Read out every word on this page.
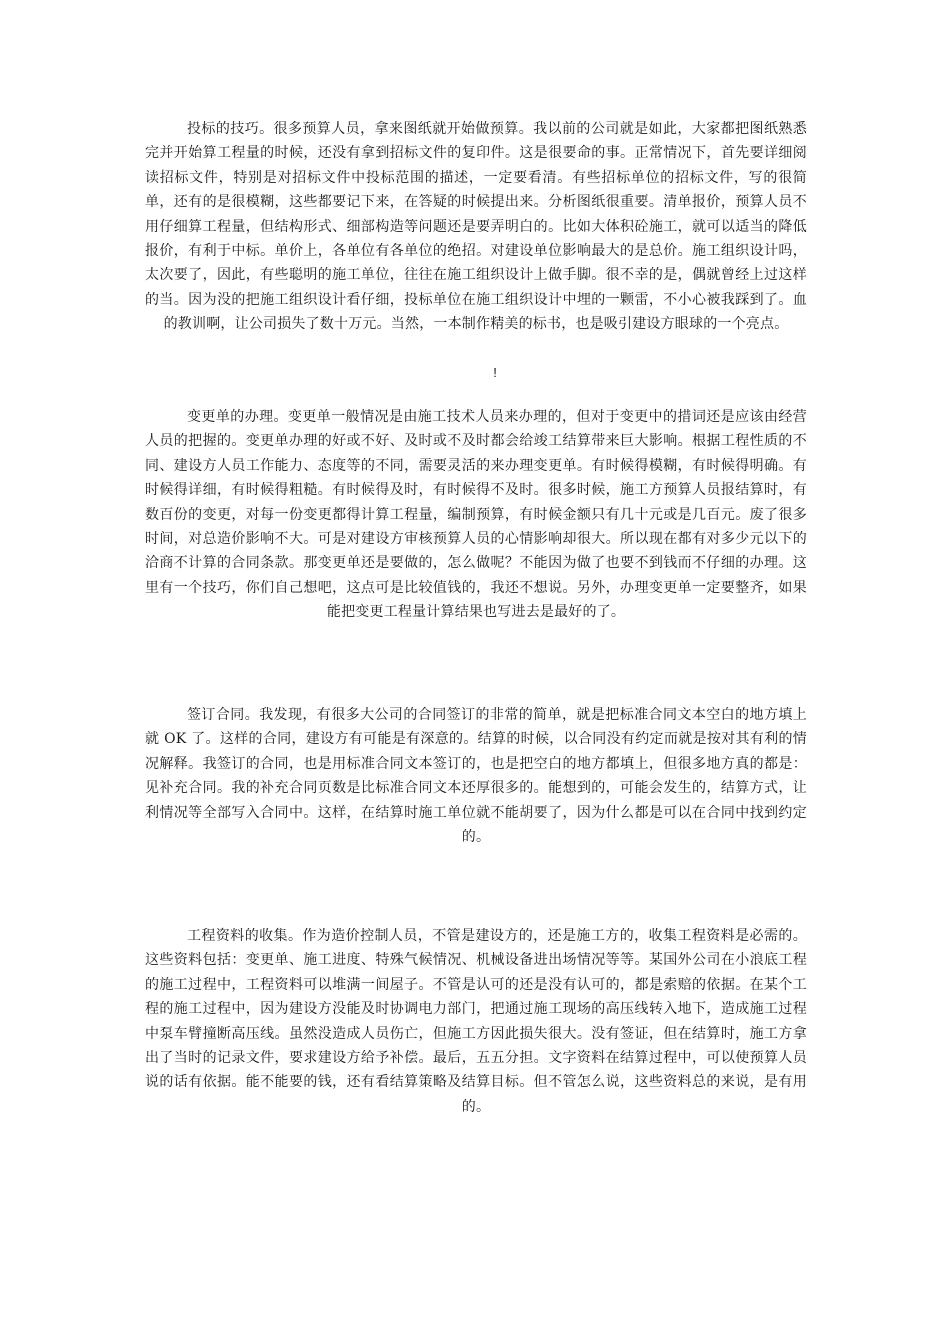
投标的技巧。很多预算人员，拿来图纸就开始做预算。我以前的公司就是如此，大家都把图纸熟悉完并开始算工程量的时候，还没有拿到招标文件的复印件。这是很要命的事。正常情况下，首先要详细阅读招标文件，特别是对招标文件中投标范围的描述，一定要看清。有些招标单位的招标文件，写的很简单，还有的是很模糊，这些都要记下来，在答疑的时候提出来。分析图纸很重要。清单报价，预算人员不用仔细算工程量，但结构形式、细部构造等问题还是要弄明白的。比如大体积砼施工，就可以适当的降低报价，有利于中标。单价上，各单位有各单位的绝招。对建设单位影响最大的是总价。施工组织设计吗，太次要了，因此，有些聪明的施工单位，往往在施工组织设计上做手脚。很不幸的是，偶就曾经上过这样的当。因为没的把施工组织设计看仔细，投标单位在施工组织设计中埋的一颗雷，不小心被我踩到了。血的教训啊，让公司损失了数十万元。当然，一本制作精美的标书，也是吸引建设方眼球的一个亮点。

!

变更单的办理。变更单一般情况是由施工技术人员来办理的，但对于变更中的措词还是应该由经营人员的把握的。变更单办理的好或不好、及时或不及时都会给竣工结算带来巨大影响。根据工程性质的不同、建设方人员工作能力、态度等的不同，需要灵活的来办理变更单。有时候得模糊，有时候得明确。有时候得详细，有时候得粗糙。有时候得及时，有时候得不及时。很多时候，施工方预算人员报结算时，有数百份的变更，对每一份变更都得计算工程量，编制预算，有时候金额只有几十元或是几百元。废了很多时间，对总造价影响不大。可是对建设方审核预算人员的心情影响却很大。所以现在都有对多少元以下的洽商不计算的合同条款。那变更单还是要做的，怎么做呢？不能因为做了也要不到钱而不仔细的办理。这里有一个技巧，你们自己想吧，这点可是比较值钱的，我还不想说。另外，办理变更单一定要整齐，如果能把变更工程量计算结果也写进去是最好的了。

签订合同。我发现，有很多大公司的合同签订的非常的简单，就是把标准合同文本空白的地方填上就 OK 了。这样的合同，建设方有可能是有深意的。结算的时候，以合同没有约定而就是按对其有利的情况解释。我签订的合同，也是用标准合同文本签订的，也是把空白的地方都填上，但很多地方真的都是：见补充合同。我的补充合同页数是比标准合同文本还厚很多的。能想到的，可能会发生的，结算方式，让利情况等全部写入合同中。这样，在结算时施工单位就不能胡要了，因为什么都是可以在合同中找到约定的。

工程资料的收集。作为造价控制人员，不管是建设方的，还是施工方的，收集工程资料是必需的。这些资料包括：变更单、施工进度、特殊气候情况、机械设备进出场情况等等。某国外公司在小浪底工程的施工过程中，工程资料可以堆满一间屋子。不管是认可的还是没有认可的，都是索赔的依据。在某个工程的施工过程中，因为建设方没能及时协调电力部门，把通过施工现场的高压线转入地下，造成施工过程中泵车臂撞断高压线。虽然没造成人员伤亡，但施工方因此损失很大。没有签证，但在结算时，施工方拿出了当时的记录文件，要求建设方给予补偿。最后，五五分担。文字资料在结算过程中，可以使预算人员说的话有依据。能不能要的钱，还有看结算策略及结算目标。但不管怎么说，这些资料总的来说，是有用的。
